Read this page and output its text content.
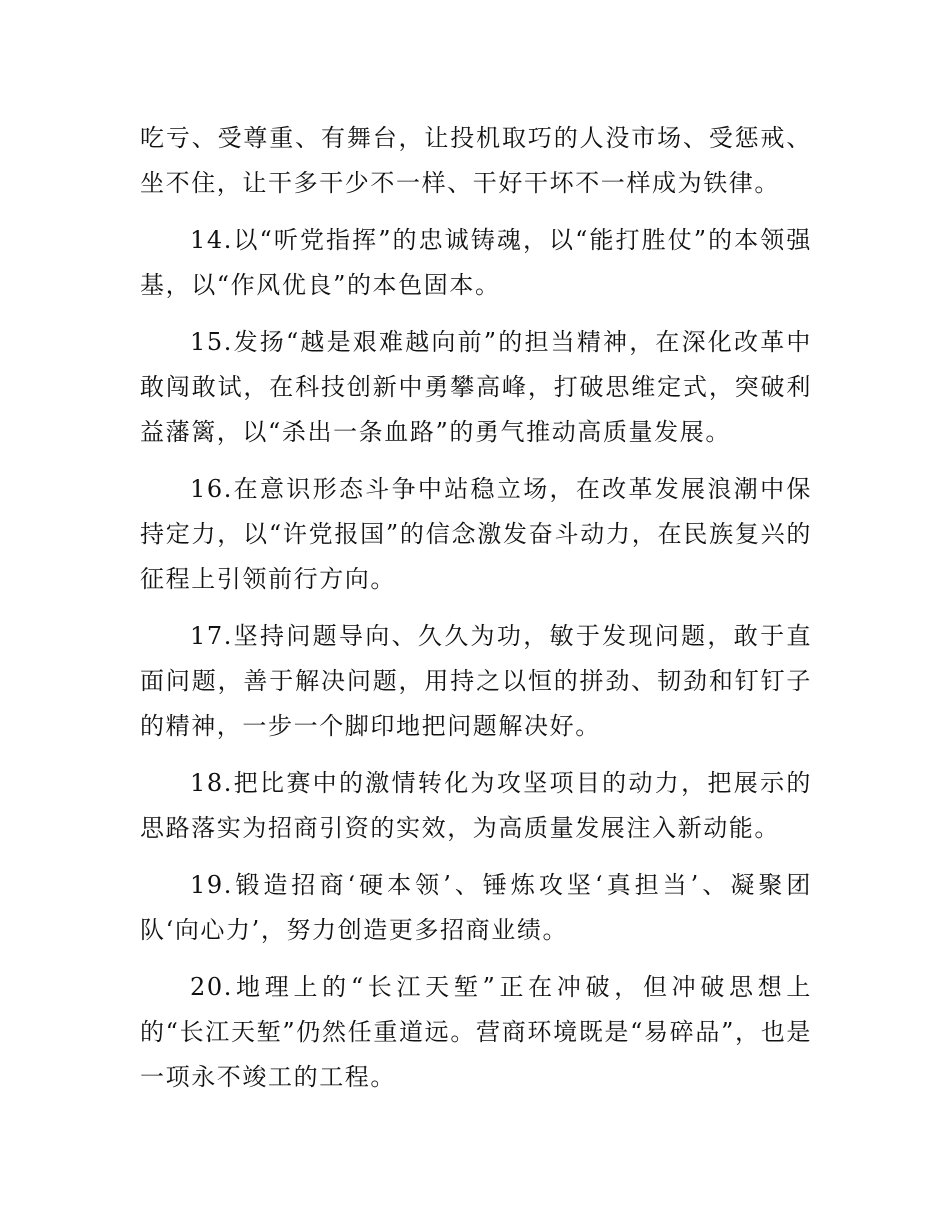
吃亏、受尊重、有舞台，让投机取巧的人没市场、受惩戒、坐不住，让干多干少不一样、干好干坏不一样成为铁律。

14.以“听党指挥”的忠诚铸魂，以“能打胜仗”的本领强基，以“作风优良”的本色固本。

15.发扬“越是艰难越向前”的担当精神，在深化改革中敢闯敢试，在科技创新中勇攀高峰，打破思维定式，突破利益藩篱，以“杀出一条血路”的勇气推动高质量发展。

16.在意识形态斗争中站稳立场，在改革发展浪潮中保持定力，以“许党报国”的信念激发奋斗动力，在民族复兴的征程上引领前行方向。

17.坚持问题导向、久久为功，敏于发现问题，敢于直面问题，善于解决问题，用持之以恒的拼劲、韧劲和钉钉子的精神，一步一个脚印地把问题解决好。

18.把比赛中的激情转化为攻坚项目的动力，把展示的思路落实为招商引资的实效，为高质量发展注入新动能。

19.锻造招商‘硬本领’、锤炼攻坚‘真担当’、凝聚团队‘向心力’，努力创造更多招商业绩。

20.地理上的“长江天堑”正在冲破，但冲破思想上的“长江天堑”仍然任重道远。营商环境既是“易碎品”，也是一项永不竣工的工程。
